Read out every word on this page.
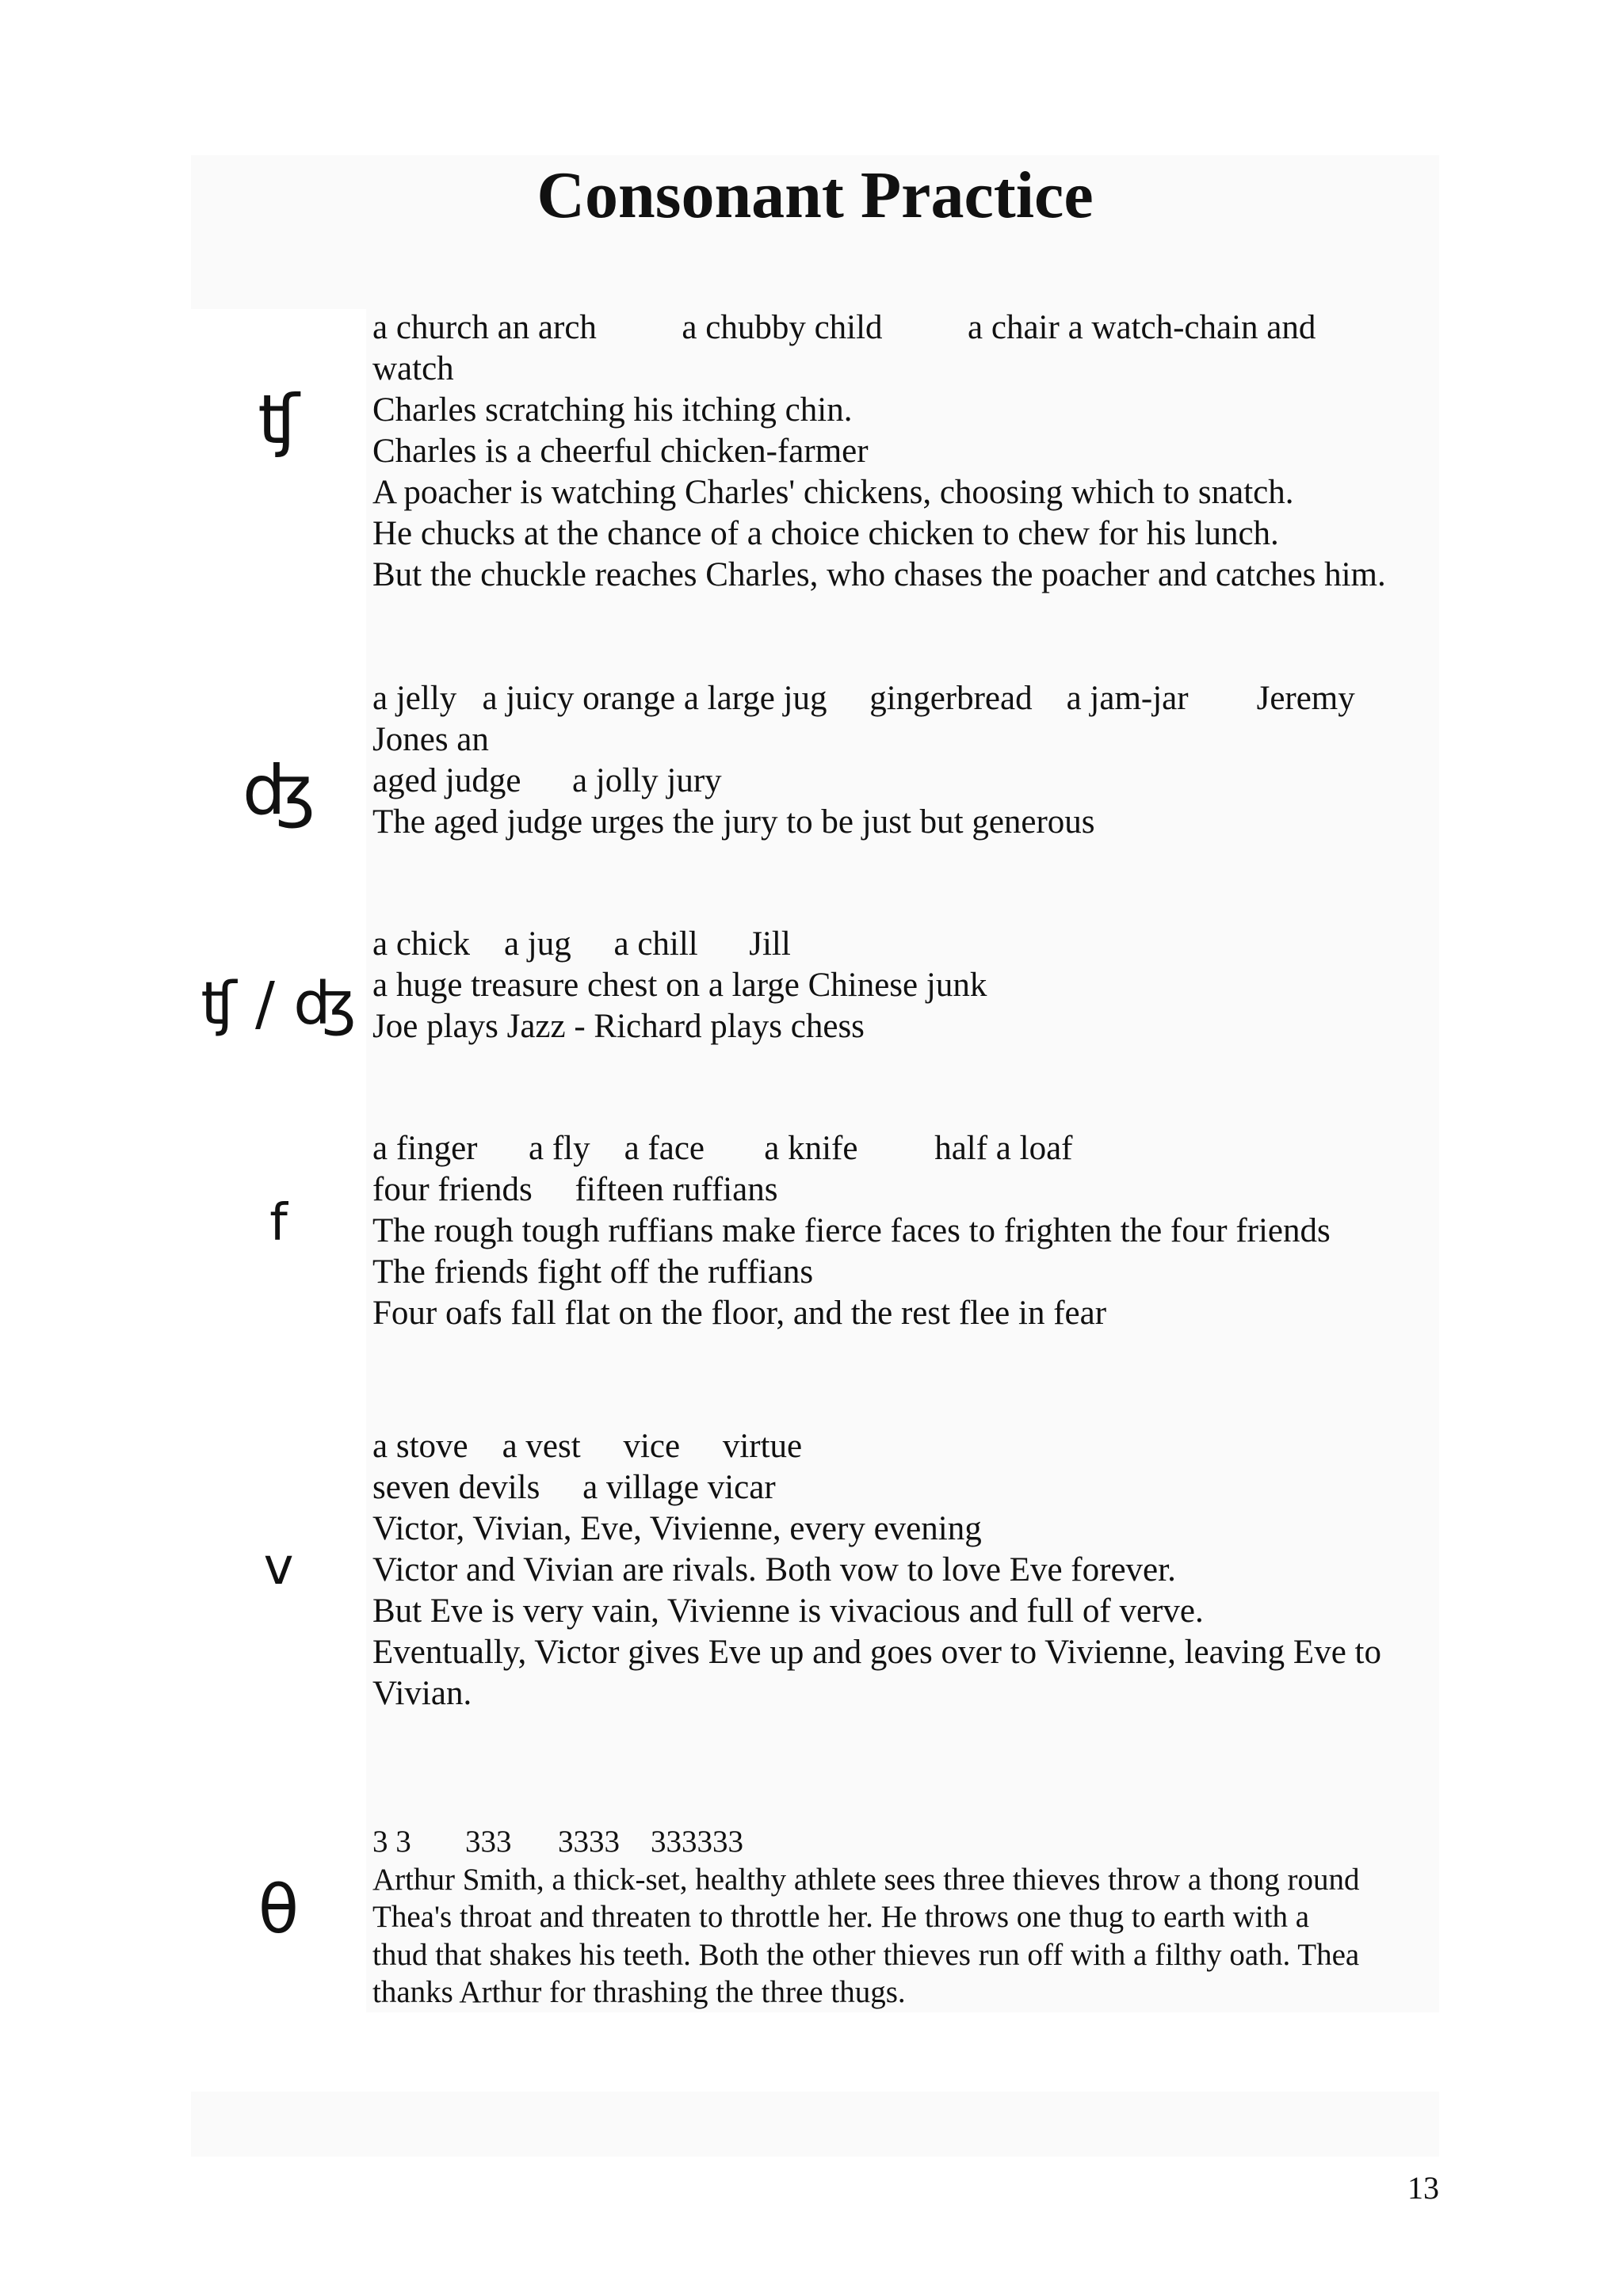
Consonant Practice
ʧ
a church an arch          a chubby child          a chair a watch-chain and
watch
Charles scratching his itching chin.
Charles is a cheerful chicken-farmer
A poacher is watching Charles' chickens, choosing which to snatch.
He chucks at the chance of a choice chicken to chew for his lunch.
But the chuckle reaches Charles, who chases the poacher and catches him.
ʤ
a jelly   a juicy orange a large jug     gingerbread    a jam-jar        Jeremy
Jones an
aged judge      a jolly jury
The aged judge urges the jury to be just but generous
ʧ / ʤ
a chick    a jug     a chill      Jill
a huge treasure chest on a large Chinese junk
Joe plays Jazz - Richard plays chess
f
a finger      a fly    a face       a knife         half a loaf
four friends     fifteen ruffians
The rough tough ruffians make fierce faces to frighten the four friends
The friends fight off the ruffians
Four oafs fall flat on the floor, and the rest flee in fear
v
a stove    a vest     vice     virtue
seven devils     a village vicar
Victor, Vivian, Eve, Vivienne, every evening
Victor and Vivian are rivals. Both vow to love Eve forever.
But Eve is very vain, Vivienne is vivacious and full of verve.
Eventually, Victor gives Eve up and goes over to Vivienne, leaving Eve to
Vivian.
θ
3 3       333      3333    333333
Arthur Smith, a thick-set, healthy athlete sees three thieves throw a thong round
Thea's throat and threaten to throttle her. He throws one thug to earth with a
thud that shakes his teeth. Both the other thieves run off with a filthy oath. Thea
thanks Arthur for thrashing the three thugs.
13
